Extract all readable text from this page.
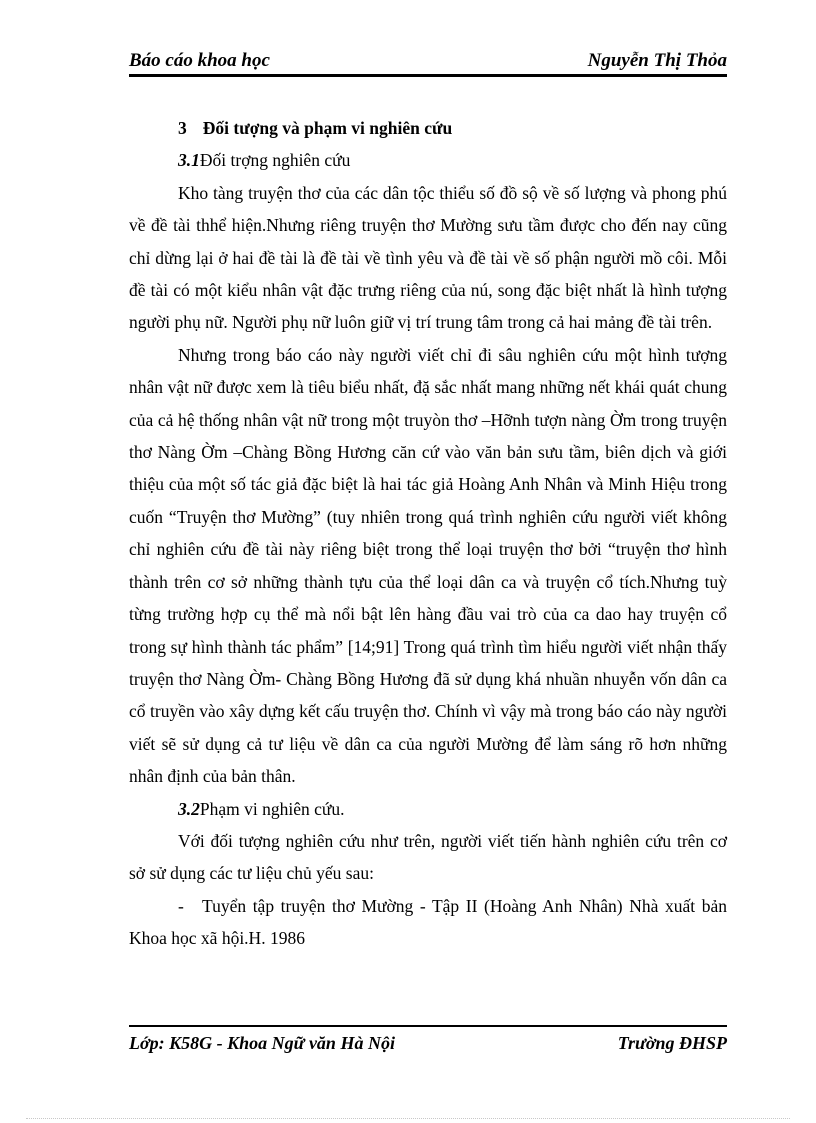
Báo cáo khoa học	Nguyễn Thị Thỏa
3 Đối tượng và phạm vi nghiên cứu
3.1Đối trợng nghiên cứu

Kho tàng truyện thơ của các dân tộc thiểu số đồ sộ về số lượng và phong phú về đề tài thhể hiện.Nhưng riêng truyện thơ Mường sưu tầm được cho đến nay cũng chỉ dừng lại ở hai đề tài là đề tài về tình yêu và đề tài về số phận người mồ côi. Mỗi đề tài có một kiểu nhân vật đặc trưng riêng của nú, song đặc biệt nhất là hình tượng người phụ nữ. Người phụ nữ luôn giữ vị trí trung tâm trong cả hai mảng đề tài trên.

Nhưng trong báo cáo này người viết chỉ đi sâu nghiên cứu một hình tượng nhân vật nữ được xem là tiêu biểu nhất, đặ sắc nhất mang những nết khái quát chung của cả hệ thống nhân vật nữ trong một truyòn thơ –Hỡnh tượn nàng Ờm trong truyện thơ Nàng Ờm –Chàng Bồng Hương căn cứ vào văn bản sưu tầm, biên dịch và giới thiệu của một số tác giả đặc biệt là hai tác giả Hoàng Anh Nhân và Minh Hiệu trong cuốn “Truyện thơ Mường” (tuy nhiên trong quá trình nghiên cứu người viết không chỉ nghiên cứu đề tài này riêng biệt trong thể loại truyện thơ bởi “truyện thơ hình thành trên cơ sở những thành tựu của thể loại dân ca và truyện cổ tích.Nhưng tuỳ từng trường hợp cụ thể mà nổi bật lên hàng đầu vai trò của ca dao hay truyện cổ trong sự hình thành tác phẩm” [14;91] Trong quá trình tìm hiểu người viết nhận thấy truyện thơ Nàng Ờm- Chàng Bồng Hương đã sử dụng khá nhuần nhuyễn vốn dân ca cổ truyền vào xây dựng kết cấu truyện thơ. Chính vì vậy mà trong báo cáo này người viết sẽ sử dụng cả tư liệu về dân ca của người Mường để làm sáng rõ hơn những nhân định của bản thân.

3.2Phạm vi nghiên cứu.

Với đối tượng nghiên cứu như trên, người viết tiến hành nghiên cứu trên cơ sở sử dụng các tư liệu chủ yếu sau:

- Tuyển tập truyện thơ Mường - Tập II (Hoàng Anh Nhân) Nhà xuất bản Khoa học xã hội.H. 1986
Lớp: K58G - Khoa Ngữ văn Hà Nội	Trường ĐHSP
